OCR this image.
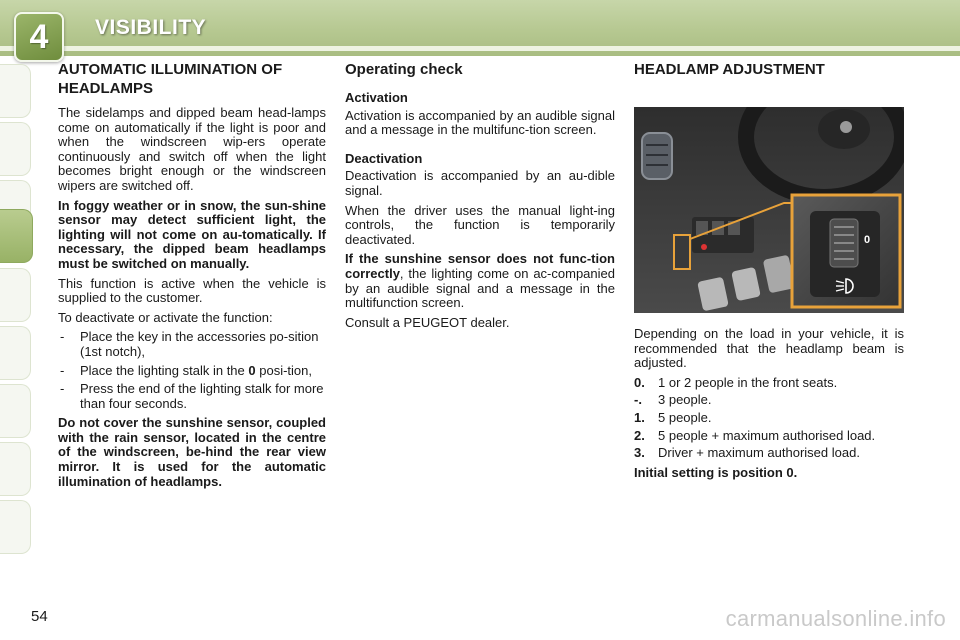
4	VISIBILITY
AUTOMATIC ILLUMINATION OF HEADLAMPS

The sidelamps and dipped beam head-lamps come on automatically if the light is poor and when the windscreen wip-ers operate continuously and switch off when the light becomes bright enough or the windscreen wipers are switched off.

In foggy weather or in snow, the sun-shine sensor may detect sufficient light, the lighting will not come on au-tomatically. If necessary, the dipped beam headlamps must be switched on manually.

This function is active when the vehicle is supplied to the customer.

To deactivate or activate the function:

- Place the key in the accessories po-sition (1st notch),
- Place the lighting stalk in the 0 posi-tion,
- Press the end of the lighting stalk for more than four seconds.

Do not cover the sunshine sensor, coupled with the rain sensor, located in the centre of the windscreen, be-hind the rear view mirror. It is used for the automatic illumination of headlamps.

Operating check
Activation

Activation is accompanied by an audible signal and a message in the multifunc-tion screen.

Deactivation

Deactivation is accompanied by an au-dible signal.

When the driver uses the manual light-ing controls, the function is temporarily deactivated.

If the sunshine sensor does not func-tion correctly, the lighting come on ac-companied by an audible signal and a message in the multifunction screen.

Consult a PEUGEOT dealer.

HEADLAMP ADJUSTMENT
0

Depending on the load in your vehicle, it is recommended that the headlamp beam is adjusted.

0.	1 or 2 people in the front seats.
-.	3 people.
1.	5 people.
2.	5 people + maximum authorised load.
3.	Driver + maximum authorised load.

Initial setting is position 0.

54	carmanualsonline.info
